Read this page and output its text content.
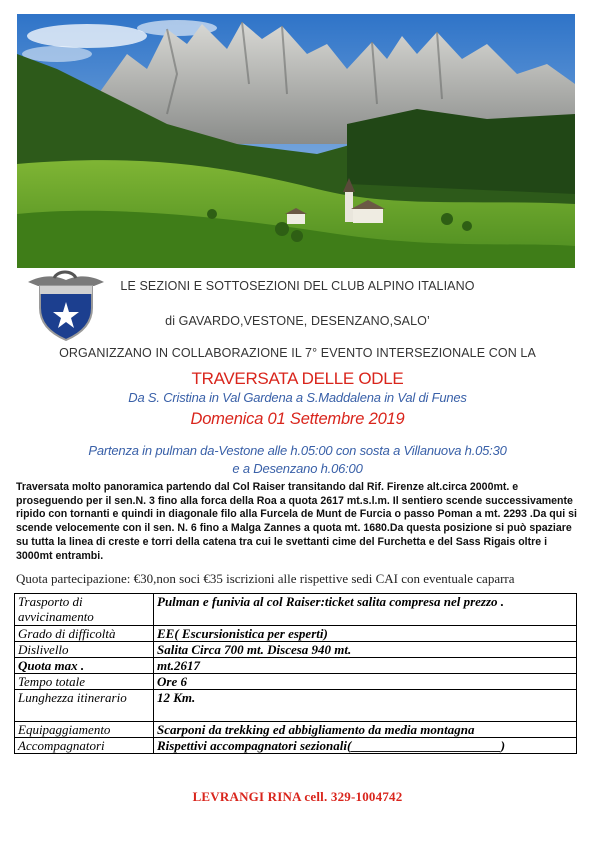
LE SEZIONI E SOTTOSEZIONI DEL CLUB ALPINO ITALIANO
di GAVARDO,VESTONE, DESENZANO,SALO’
ORGANIZZANO IN COLLABORAZIONE IL 7° EVENTO INTERSEZIONALE CON LA
TRAVERSATA DELLE ODLE
Da S. Cristina in Val Gardena a S.Maddalena in Val di Funes
Domenica 01 Settembre 2019
Partenza in pulman da-Vestone alle h.05:00 con sosta a Villanuova h.05:30
e a Desenzano h.06:00
Traversata molto panoramica partendo dal Col Raiser transitando dal Rif. Firenze alt.circa 2000mt. e proseguendo per il sen.N. 3 fino alla forca della Roa a quota 2617 mt.s.l.m. Il sentiero scende successivamente ripido con tornanti e quindi in diagonale filo alla Furcela de Munt de Furcia o passo Poman a mt. 2293 .Da qui si scende velocemente con il sen. N. 6 fino a Malga Zannes a quota mt. 1680.Da questa posizione si può spaziare su tutta la linea di creste e torri della catena tra cui le svettanti cime del Furchetta e del Sass Rigais oltre i 3000mt entrambi.
Quota partecipazione: €30,non soci €35 iscrizioni alle rispettive sedi CAI con eventuale caparra
Trasporto di avvicinamento	Pulman e funivia al col Raiser:ticket salita compresa nel prezzo .
Grado di difficoltà	EE( Escursionistica per esperti)
Dislivello	Salita Circa 700 mt. Discesa 940 mt.
Quota max .	mt.2617
Tempo totale	Ore 6
Lunghezza itinerario	12 Km.
Equipaggiamento	Scarponi da trekking ed abbigliamento da media montagna
Accompagnatori	Rispettivi accompagnatori sezionali(_______________________)
LEVRANGI RINA cell. 329-1004742
